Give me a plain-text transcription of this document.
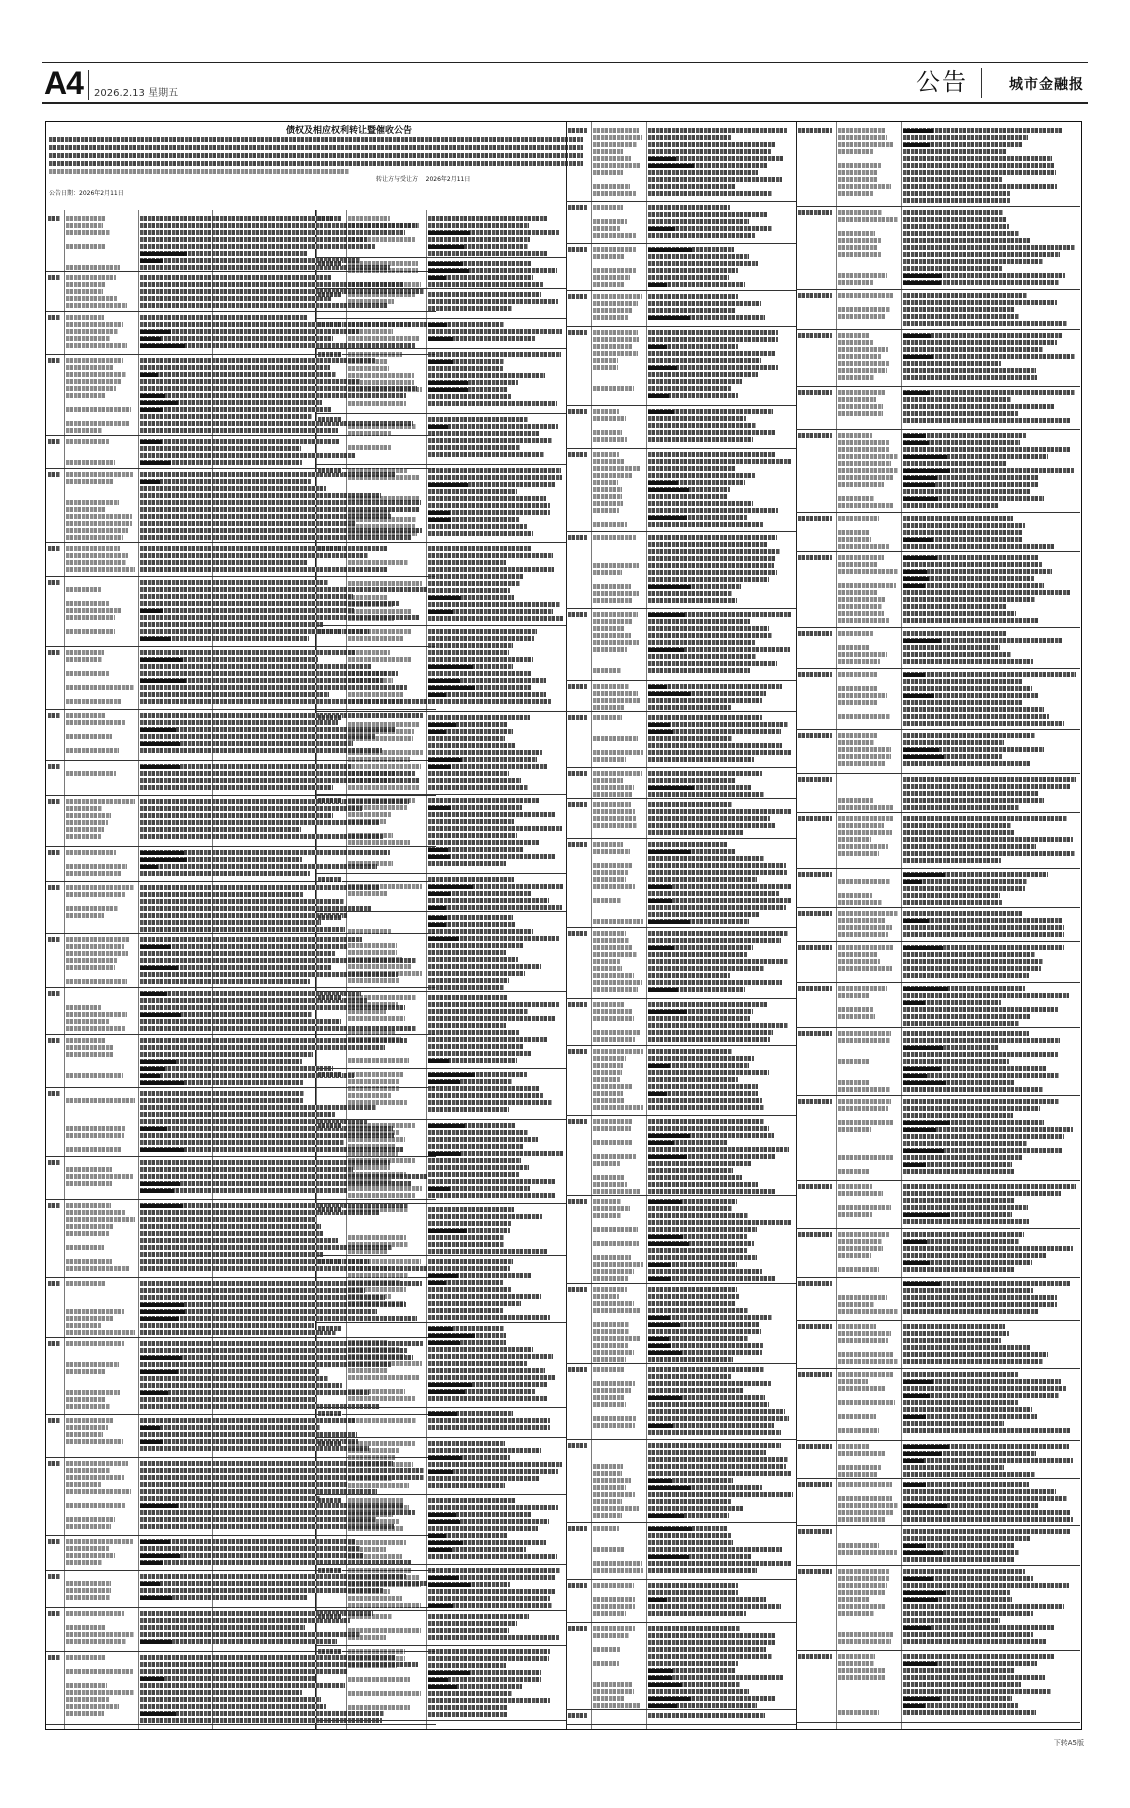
A4 2026.2.13 星期五	公告	城市金融报
债权及相应权利转让暨催收公告
转让方与受让方 2026年2月11日
公告日期：2026年2月11日
下转A5版
